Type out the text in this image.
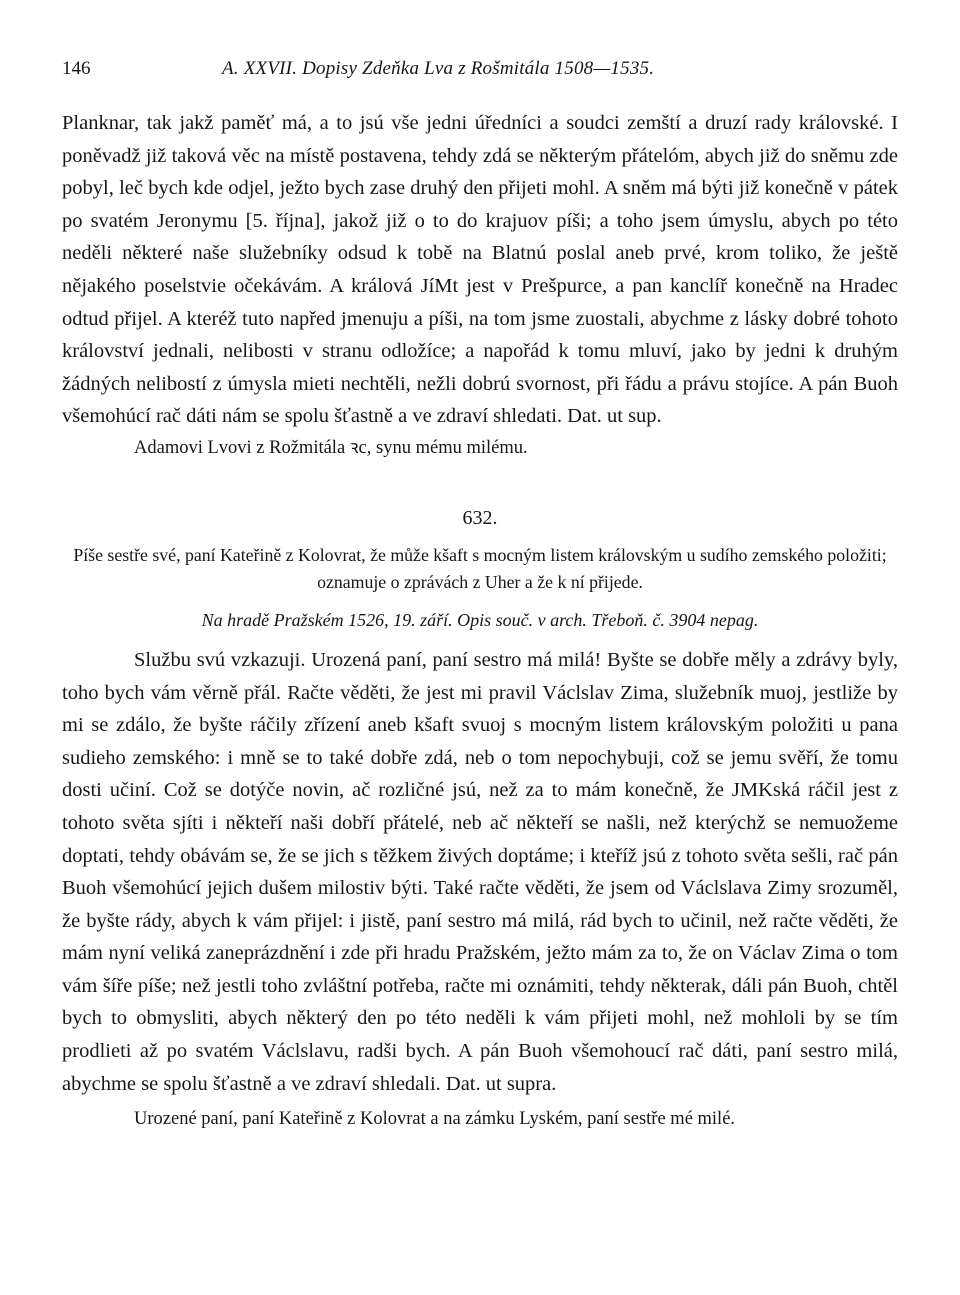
146	A. XXVII. Dopisy Zdeňka Lva z Rošmitála 1508—1535.

Planknar, tak jakž paměť má, a to jsú vše jedni úředníci a soudci zemští a druzí rady královské. I poněvadž již taková věc na místě postavena, tehdy zdá se některým přátelóm, abych již do sněmu zde pobyl, leč bych kde odjel, ježto bych zase druhý den přijeti mohl. A sněm má býti již konečně v pátek po svatém Jeronymu [5. října], jakož již o to do krajuov píši; a toho jsem úmyslu, abych po této neděli některé naše služebníky odsud k tobě na Blatnú poslal aneb prvé, krom toliko, že ještě nějakého poselstvie očekávám. A králová JíMt jest v Prešpurce, a pan kanclíř konečně na Hradec odtud přijel. A kteréž tuto napřed jmenuju a píši, na tom jsme zuostali, abychme z lásky dobré tohoto království jednali, nelibosti v stranu odložíce; a napořád k tomu mluví, jako by jedni k druhým žádných nelibostí z úmysla mieti nechtěli, nežli dobrú svornost, při řádu a právu stojíce. A pán Buoh všemohúcí rač dáti nám se spolu šťastně a ve zdraví shledati. Dat. ut sup.

Adamovi Lvovi z Rožmitála ꝛc, synu mému milému.

632.

Píše sestře své, paní Kateřině z Kolovrat, že může kšaft s mocným listem královským u sudího zemského položiti; oznamuje o zprávách z Uher a že k ní přijede.

Na hradě Pražském 1526, 19. září. Opis souč. v arch. Třeboň. č. 3904 nepag.

Službu svú vzkazuji. Urozená paní, paní sestro má milá! Byšte se dobře měly a zdrávy byly, toho bych vám věrně přál. Račte věděti, že jest mi pravil Václslav Zima, služebník muoj, jestliže by mi se zdálo, že byšte ráčily zřízení aneb kšaft svuoj s mocným listem královským položiti u pana sudieho zemského: i mně se to také dobře zdá, neb o tom nepochybuji, což se jemu svěří, že tomu dosti učiní. Což se dotýče novin, ač rozličné jsú, než za to mám konečně, že JMKská ráčil jest z tohoto světa sjíti i někteří naši dobří přátelé, neb ač někteří se našli, než kterýchž se nemuožeme doptati, tehdy obávám se, že se jich s těžkem živých doptáme; i kteříž jsú z tohoto světa sešli, rač pán Buoh všemohúcí jejich dušem milostiv býti. Také račte věděti, že jsem od Václslava Zimy srozuměl, že byšte rády, abych k vám přijel: i jistě, paní sestro má milá, rád bych to učinil, než račte věděti, že mám nyní veliká zaneprázdnění i zde při hradu Pražském, ježto mám za to, že on Václav Zima o tom vám šíře píše; než jestli toho zvláštní potřeba, račte mi oznámiti, tehdy některak, dáli pán Buoh, chtěl bych to obmysliti, abych některý den po této neděli k vám přijeti mohl, než mohloli by se tím prodlieti až po svatém Václslavu, radši bych. A pán Buoh všemohoucí rač dáti, paní sestro milá, abychme se spolu šťastně a ve zdraví shledali. Dat. ut supra.

Urozené paní, paní Kateřině z Kolovrat a na zámku Lyském, paní sestře mé milé.
